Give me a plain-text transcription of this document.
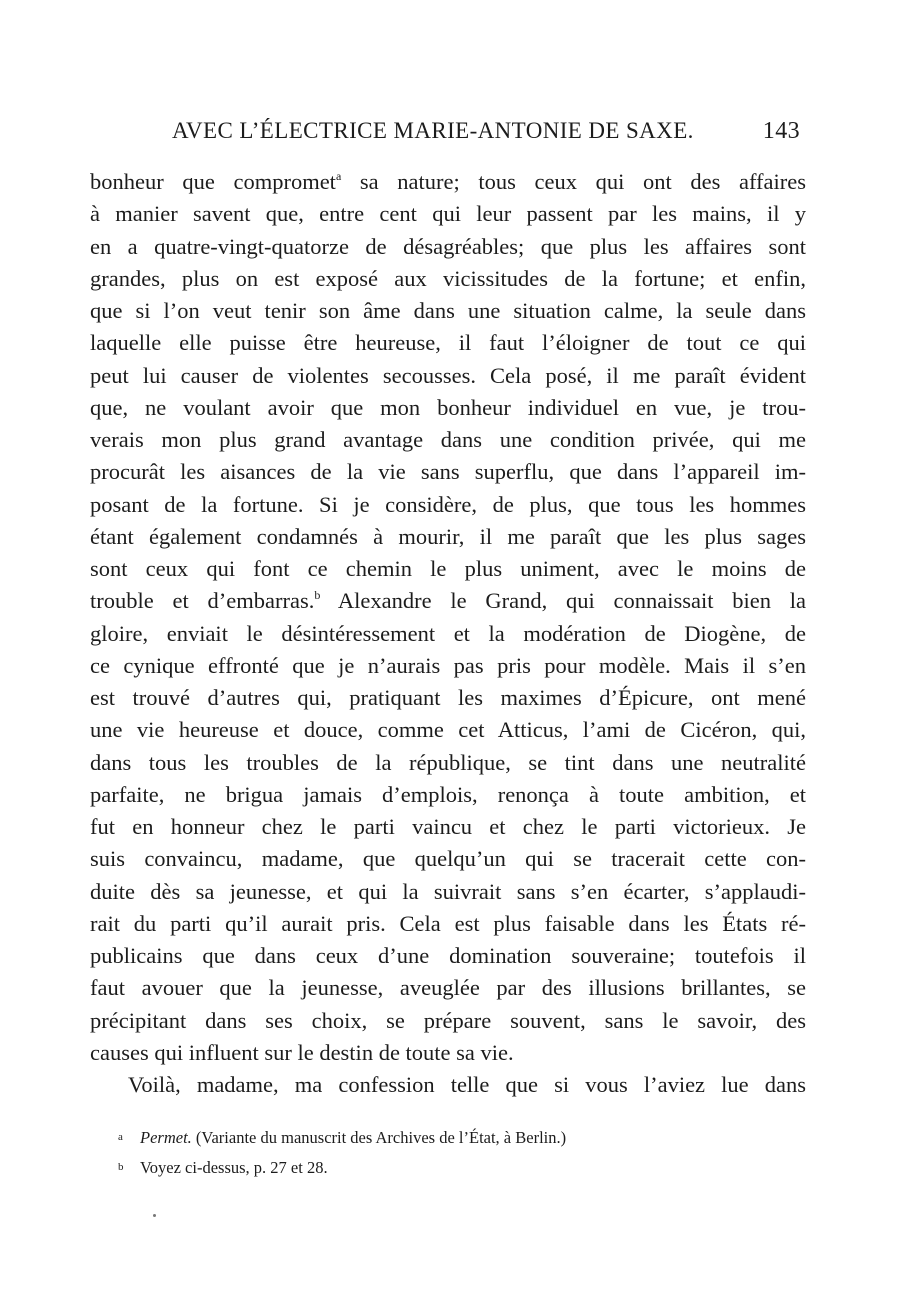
AVEC L’ÉLECTRICE MARIE-ANTONIE DE SAXE.	143
bonheur que compromet$^a$ sa nature; tous ceux qui ont des affaires
à manier savent que, entre cent qui leur passent par les mains, il y
en a quatre-vingt-quatorze de désagréables; que plus les affaires sont
grandes, plus on est exposé aux vicissitudes de la fortune; et enfin,
que si l’on veut tenir son âme dans une situation calme, la seule dans
laquelle elle puisse être heureuse, il faut l’éloigner de tout ce qui
peut lui causer de violentes secousses. Cela posé, il me paraît évident
que, ne voulant avoir que mon bonheur individuel en vue, je trou-
verais mon plus grand avantage dans une condition privée, qui me
procurât les aisances de la vie sans superflu, que dans l’appareil im-
posant de la fortune. Si je considère, de plus, que tous les hommes
étant également condamnés à mourir, il me paraît que les plus sages
sont ceux qui font ce chemin le plus uniment, avec le moins de
trouble et d’embarras.$^b$ Alexandre le Grand, qui connaissait bien la
gloire, enviait le désintéressement et la modération de Diogène, de
ce cynique effronté que je n’aurais pas pris pour modèle. Mais il s’en
est trouvé d’autres qui, pratiquant les maximes d’Épicure, ont mené
une vie heureuse et douce, comme cet Atticus, l’ami de Cicéron, qui,
dans tous les troubles de la république, se tint dans une neutralité
parfaite, ne brigua jamais d’emplois, renonça à toute ambition, et
fut en honneur chez le parti vaincu et chez le parti victorieux. Je
suis convaincu, madame, que quelqu’un qui se tracerait cette con-
duite dès sa jeunesse, et qui la suivrait sans s’en écarter, s’applaudi-
rait du parti qu’il aurait pris. Cela est plus faisable dans les États ré-
publicains que dans ceux d’une domination souveraine; toutefois il
faut avouer que la jeunesse, aveuglée par des illusions brillantes, se
précipitant dans ses choix, se prépare souvent, sans le savoir, des
causes qui influent sur le destin de toute sa vie.
Voilà, madame, ma confession telle que si vous l’aviez lue dans
a Permet. (Variante du manuscrit des Archives de l’État, à Berlin.)
b Voyez ci-dessus, p. 27 et 28.
